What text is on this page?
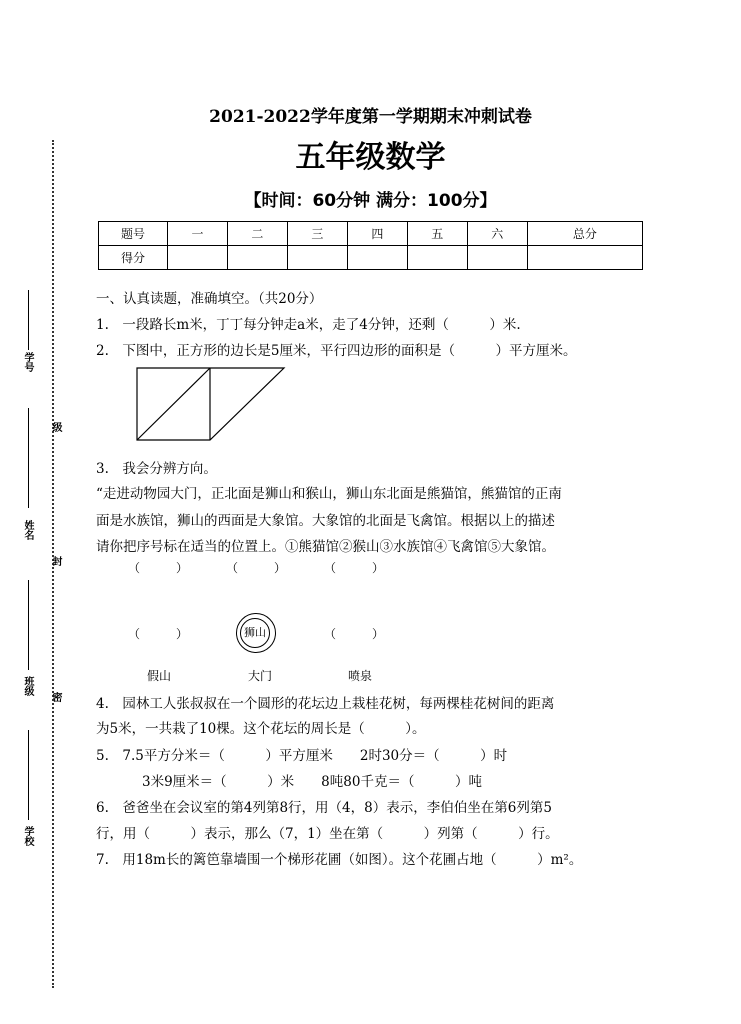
学号
级
姓名
封
班级
密
学校
2021-2022学年度第一学期期末冲刺试卷
五年级数学
【时间：60分钟 满分：100分】
题号	一	二	三	四	五	六	总分
得分							
一、认真读题，准确填空。（共20分）
1.　一段路长m米，丁丁每分钟走a米，走了4分钟，还剩（　　　）米.
2.　下图中，正方形的边长是5厘米，平行四边形的面积是（　　　）平方厘米。
3.　我会分辨方向。
“走进动物园大门，正北面是狮山和猴山，狮山东北面是熊猫馆，熊猫馆的正南
面是水族馆，狮山的西面是大象馆。大象馆的北面是飞禽馆。根据以上的描述
请你把序号标在适当的位置上。①熊猫馆②猴山③水族馆④飞禽馆⑤大象馆。
（　　　）	（　　　）	（　　　）
（　　　）	（　　　）
狮山
假山	大门	喷泉
4.　园林工人张叔叔在一个圆形的花坛边上栽桂花树，每两棵桂花树间的距离
为5米，一共栽了10棵。这个花坛的周长是（　　　）。
5.　7.5平方分米＝（　　　）平方厘米　　2时30分＝（　　　）时
3米9厘米＝（　　　）米　　8吨80千克＝（　　　）吨
6.　爸爸坐在会议室的第4列第8行，用（4，8）表示，李伯伯坐在第6列第5
行，用（　　　）表示，那么（7，1）坐在第（　　　）列第（　　　）行。
7.　用18m长的篱笆靠墙围一个梯形花圃（如图）。这个花圃占地（　　　）m²。
